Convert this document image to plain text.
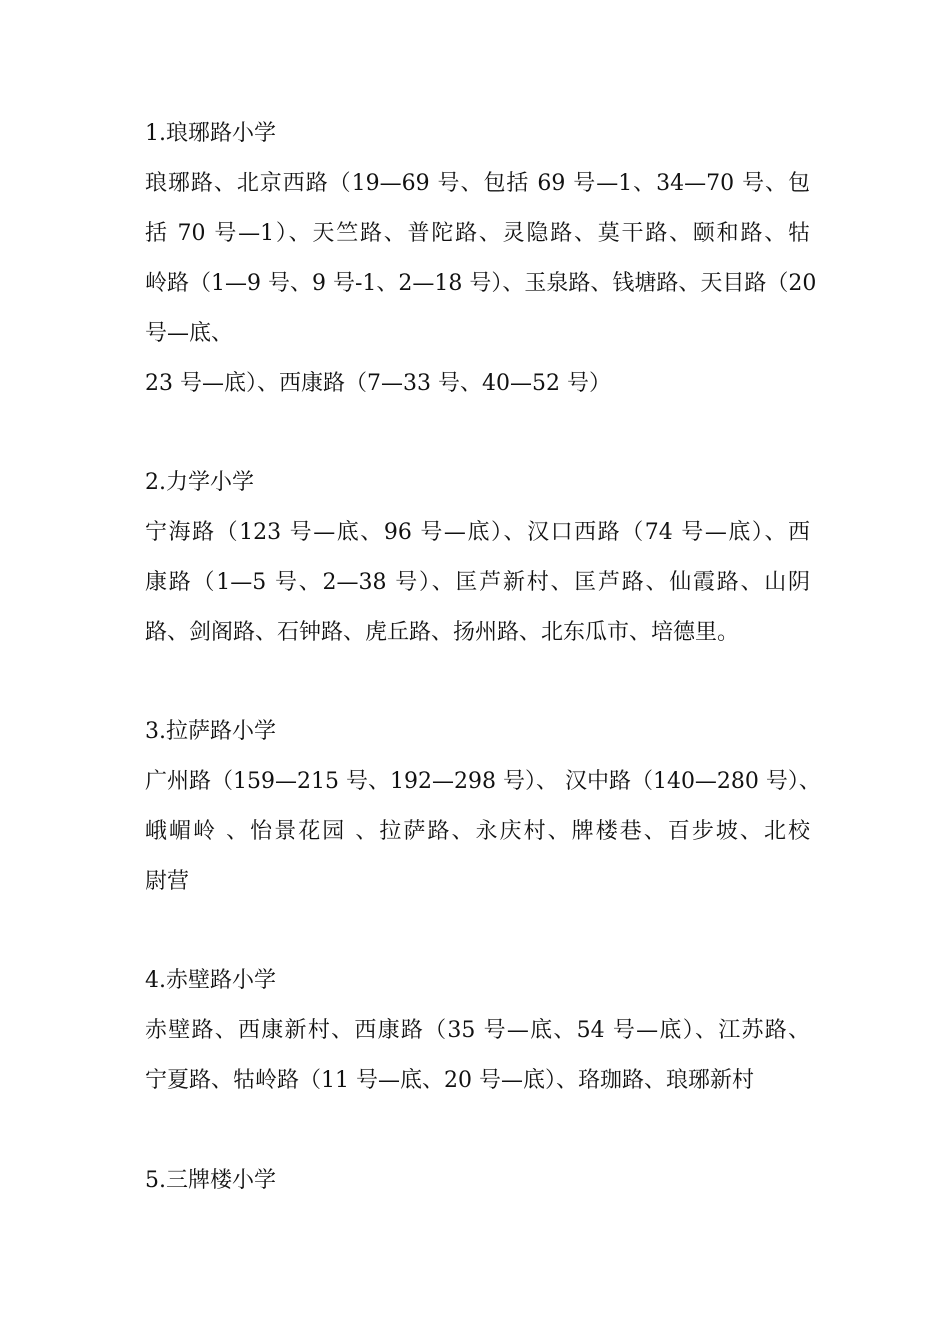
1.琅琊路小学
琅琊路、北京西路（19—69 号、包括 69 号—1、34—70 号、包
括 70 号—1）、天竺路、普陀路、灵隐路、莫干路、颐和路、牯
岭路（1—9 号、9 号-1、2—18 号）、玉泉路、钱塘路、天目路（20
号—底、
23 号—底）、西康路（7—33 号、40—52 号）
2.力学小学
宁海路（123 号—底、96 号—底）、汉口西路（74 号—底）、西
康路（1—5 号、2—38 号）、匡芦新村、匡芦路、仙霞路、山阴
路、剑阁路、石钟路、虎丘路、扬州路、北东瓜市、培德里。
3.拉萨路小学
广州路（159—215 号、192—298 号）、 汉中路（140—280 号）、
峨嵋岭 、怡景花园 、拉萨路、永庆村、牌楼巷、百步坡、北校
尉营
4.赤壁路小学
赤壁路、西康新村、西康路（35 号—底、54 号—底）、江苏路、
宁夏路、牯岭路（11 号—底、20 号—底）、珞珈路、琅琊新村
5.三牌楼小学
